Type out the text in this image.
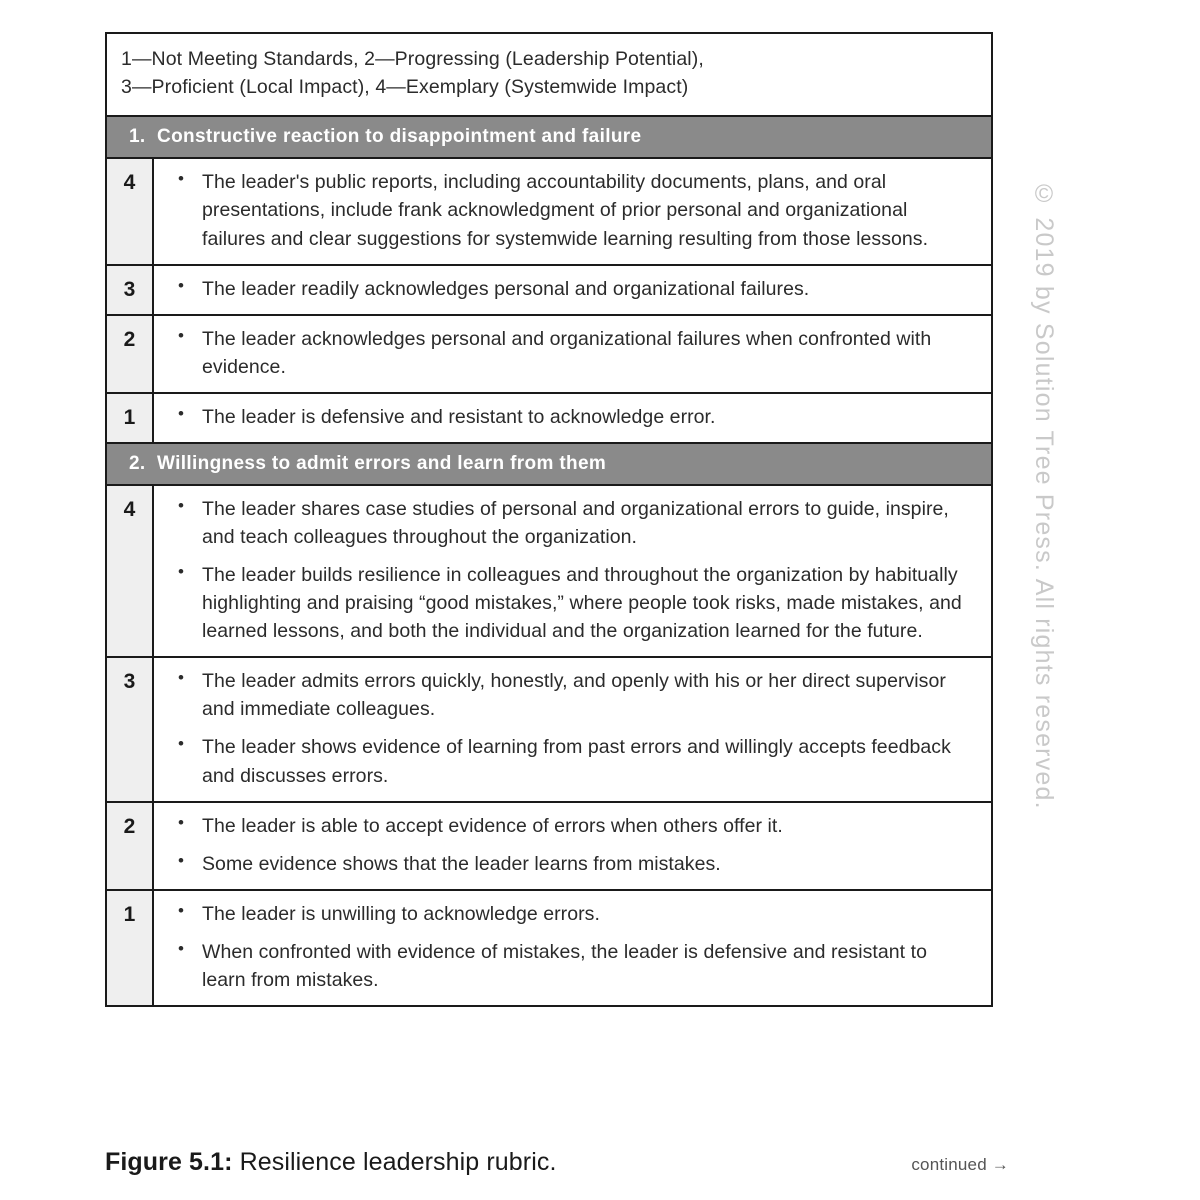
1—Not Meeting Standards, 2—Progressing (Leadership Potential),
3—Proficient (Local Impact), 4—Exemplary (Systemwide Impact)
1. Constructive reaction to disappointment and failure
4	• The leader's public reports, including accountability documents, plans, and oral presentations, include frank acknowledgment of prior personal and organizational failures and clear suggestions for systemwide learning resulting from those lessons.
3	• The leader readily acknowledges personal and organizational failures.
2	• The leader acknowledges personal and organizational failures when confronted with evidence.
1	• The leader is defensive and resistant to acknowledge error.
2. Willingness to admit errors and learn from them
4	• The leader shares case studies of personal and organizational errors to guide, inspire, and teach colleagues throughout the organization.
• The leader builds resilience in colleagues and throughout the organization by habitually highlighting and praising “good mistakes,” where people took risks, made mistakes, and learned lessons, and both the individual and the organization learned for the future.
3	• The leader admits errors quickly, honestly, and openly with his or her direct supervisor and immediate colleagues.
• The leader shows evidence of learning from past errors and willingly accepts feedback and discusses errors.
2	• The leader is able to accept evidence of errors when others offer it.
• Some evidence shows that the leader learns from mistakes.
1	• The leader is unwilling to acknowledge errors.
• When confronted with evidence of mistakes, the leader is defensive and resistant to learn from mistakes.
Figure 5.1: Resilience leadership rubric.	continued →
© 2019 by Solution Tree Press. All rights reserved.
